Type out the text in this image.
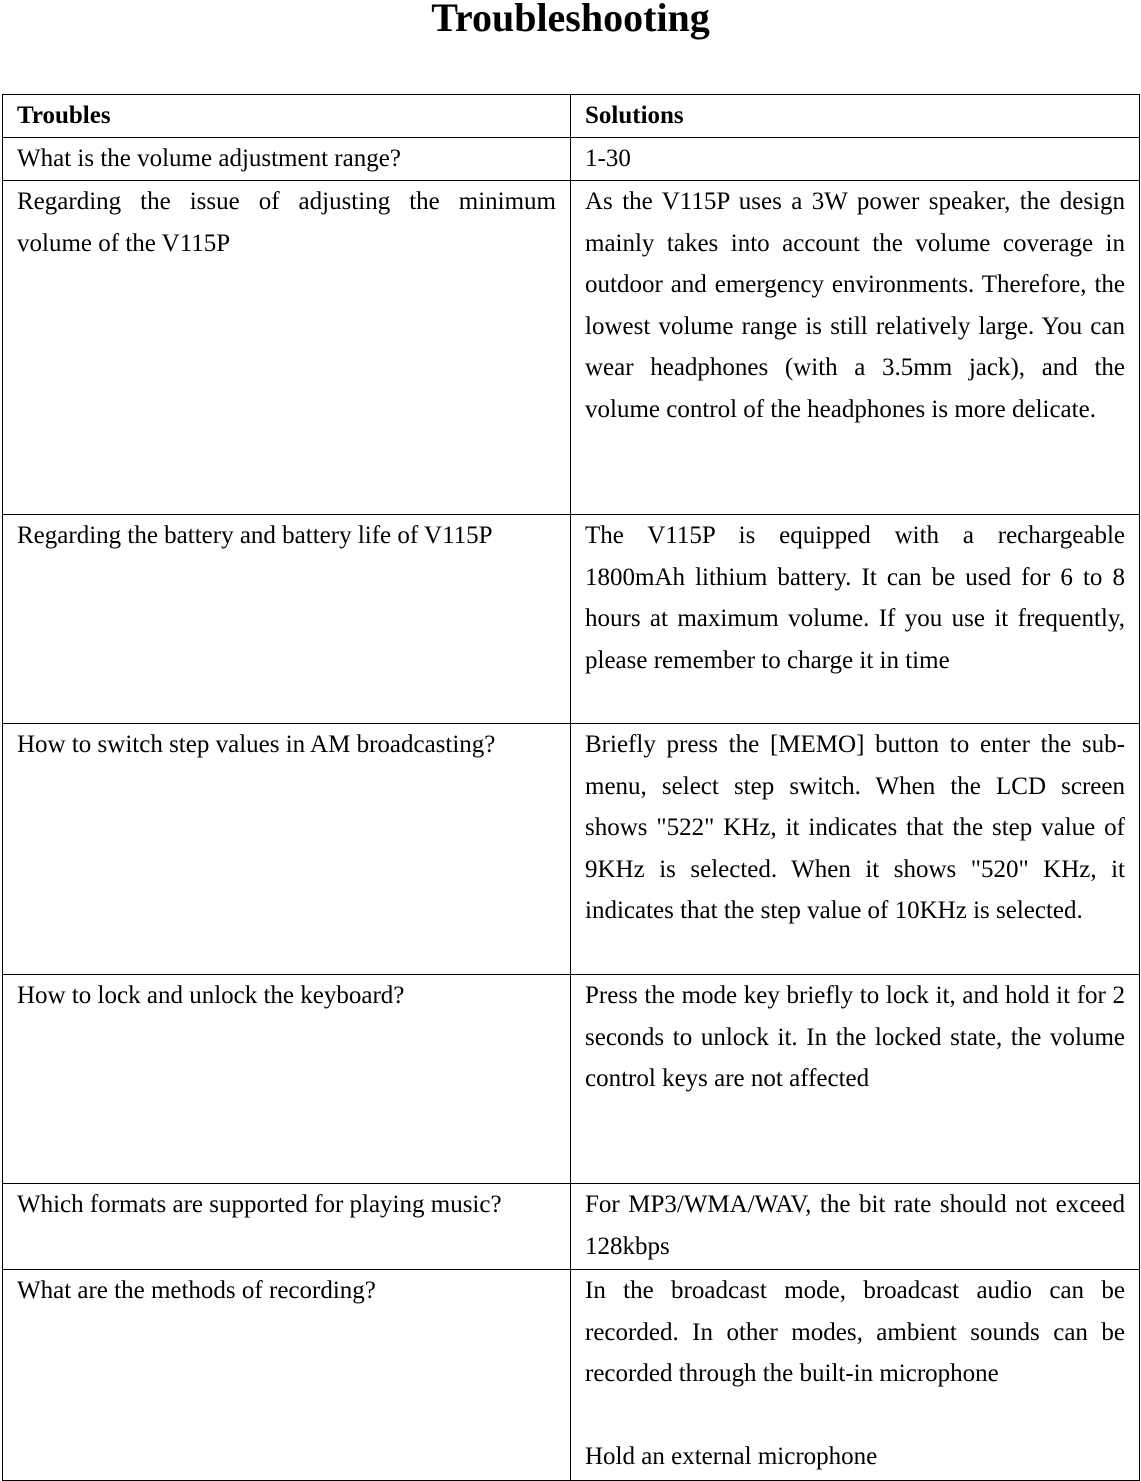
Troubleshooting
Troubles	Solutions
What is the volume adjustment range?	1-30
Regarding the issue of adjusting the minimum volume of the V115P	As the V115P uses a 3W power speaker, the design mainly takes into account the volume coverage in outdoor and emergency environments. Therefore, the lowest volume range is still relatively large. You can wear headphones (with a 3.5mm jack), and the volume control of the headphones is more delicate.
Regarding the battery and battery life of V115P	The V115P is equipped with a rechargeable 1800mAh lithium battery. It can be used for 6 to 8 hours at maximum volume. If you use it frequently, please remember to charge it in time
How to switch step values in AM broadcasting?	Briefly press the [MEMO] button to enter the sub-menu, select step switch. When the LCD screen shows "522" KHz, it indicates that the step value of 9KHz is selected. When it shows "520" KHz, it indicates that the step value of 10KHz is selected.
How to lock and unlock the keyboard?	Press the mode key briefly to lock it, and hold it for 2 seconds to unlock it. In the locked state, the volume control keys are not affected
Which formats are supported for playing music?	For MP3/WMA/WAV, the bit rate should not exceed 128kbps
What are the methods of recording?	In the broadcast mode, broadcast audio can be recorded. In other modes, ambient sounds can be recorded through the built-in microphone
Hold an external microphone
